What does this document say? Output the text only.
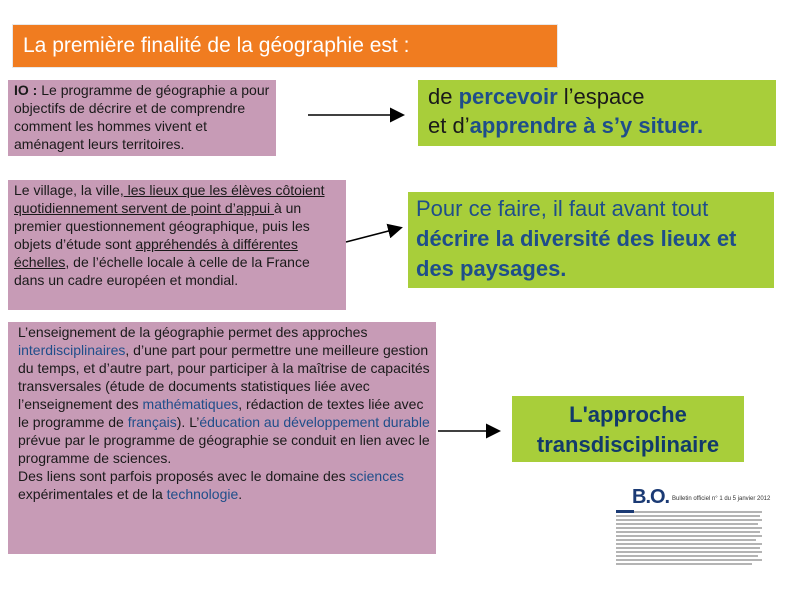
La première finalité de la géographie est :
IO : Le programme de géographie a pour objectifs de décrire et de comprendre comment les hommes vivent et aménagent leurs territoires.
Le village, la ville, les lieux que les élèves côtoient quotidiennement servent de point d’appui à un premier questionnement géographique, puis les objets d’étude sont appréhendés à différentes échelles, de l’échelle locale à celle de la France dans un cadre européen et mondial.
L’enseignement de la géographie permet des approches interdisciplinaires, d’une part pour permettre une meilleure gestion du temps, et d’autre part, pour participer à la maîtrise de capacités transversales (étude de documents statistiques liée avec l’enseignement des mathématiques, rédaction de textes liée avec le programme de français). L’éducation au développement durable prévue par le programme de géographie se conduit en lien avec le programme de sciences.
Des liens sont parfois proposés avec le domaine des sciences expérimentales et de la technologie.
de percevoir l’espace
et d’apprendre à s’y situer.
Pour ce faire, il faut avant tout décrire la diversité des lieux et des paysages.
L'approche
transdisciplinaire
B.O. Bulletin officiel n° 1 du 5 janvier 2012
